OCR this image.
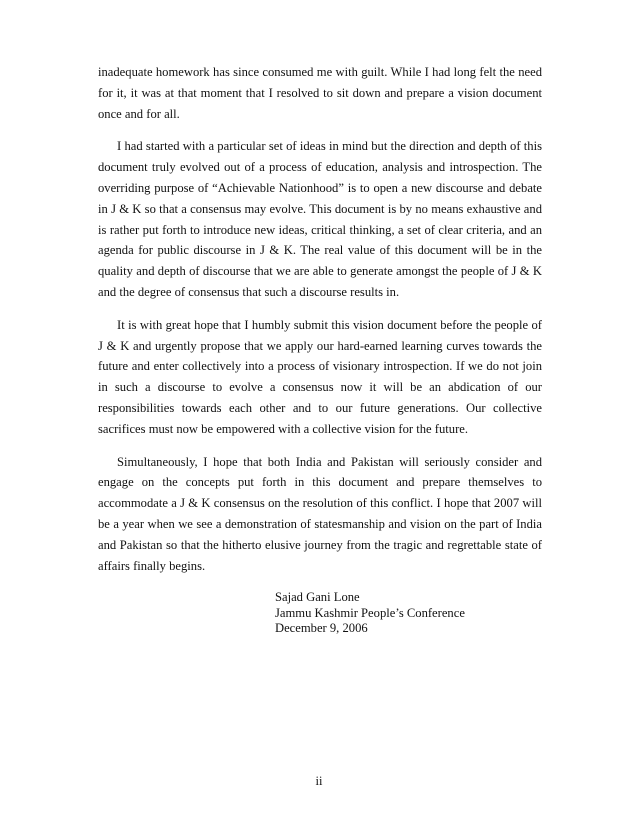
inadequate homework has since consumed me with guilt. While I had long felt the need for it, it was at that moment that I resolved to sit down and prepare a vision document once and for all.

I had started with a particular set of ideas in mind but the direction and depth of this document truly evolved out of a process of education, analysis and introspection. The overriding purpose of “Achievable Nationhood” is to open a new discourse and debate in J & K so that a consensus may evolve. This document is by no means exhaustive and is rather put forth to introduce new ideas, critical thinking, a set of clear criteria, and an agenda for public discourse in J & K. The real value of this document will be in the quality and depth of discourse that we are able to generate amongst the people of J & K and the degree of consensus that such a discourse results in.

It is with great hope that I humbly submit this vision document before the people of J & K and urgently propose that we apply our hard-earned learning curves towards the future and enter collectively into a process of visionary introspection. If we do not join in such a discourse to evolve a consensus now it will be an abdication of our responsibilities towards each other and to our future generations. Our collective sacrifices must now be empowered with a collective vision for the future.

Simultaneously, I hope that both India and Pakistan will seriously consider and engage on the concepts put forth in this document and prepare themselves to accommodate a J & K consensus on the resolution of this conflict. I hope that 2007 will be a year when we see a demonstration of statesmanship and vision on the part of India and Pakistan so that the hitherto elusive journey from the tragic and regrettable state of affairs finally begins.

Sajad Gani Lone
Jammu Kashmir People’s Conference
December 9, 2006
ii
